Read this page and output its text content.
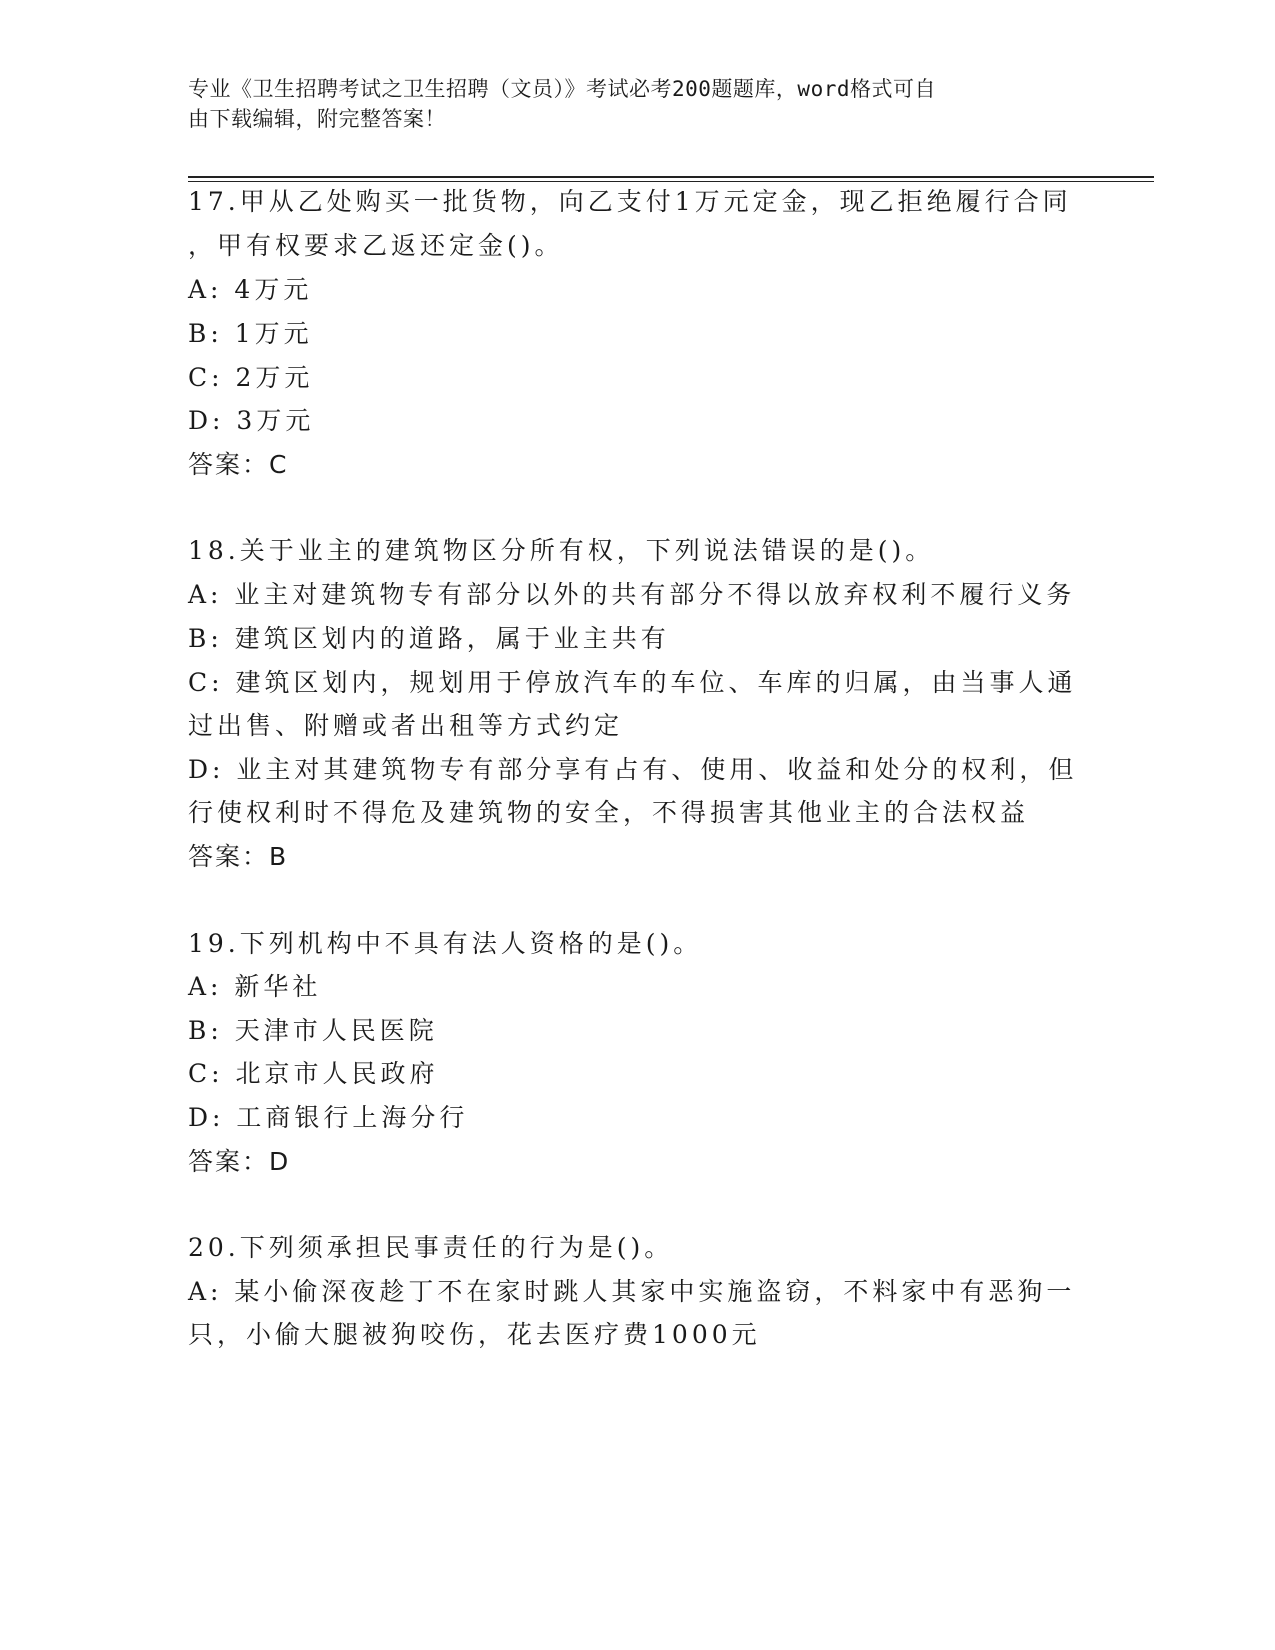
专业《卫生招聘考试之卫生招聘（文员）》考试必考200题题库，word格式可自
由下载编辑，附完整答案！
17.甲从乙处购买一批货物，向乙支付1万元定金，现乙拒绝履行合同
，甲有权要求乙返还定金()。
A: 4万元
B: 1万元
C: 2万元
D: 3万元
答案：C
18.关于业主的建筑物区分所有权，下列说法错误的是()。
A: 业主对建筑物专有部分以外的共有部分不得以放弃权利不履行义务
B: 建筑区划内的道路，属于业主共有
C: 建筑区划内，规划用于停放汽车的车位、车库的归属，由当事人通
过出售、附赠或者出租等方式约定
D: 业主对其建筑物专有部分享有占有、使用、收益和处分的权利，但
行使权利时不得危及建筑物的安全，不得损害其他业主的合法权益
答案：B
19.下列机构中不具有法人资格的是()。
A: 新华社
B: 天津市人民医院
C: 北京市人民政府
D: 工商银行上海分行
答案：D
20.下列须承担民事责任的行为是()。
A: 某小偷深夜趁丁不在家时跳人其家中实施盗窃，不料家中有恶狗一
只，小偷大腿被狗咬伤，花去医疗费1000元
